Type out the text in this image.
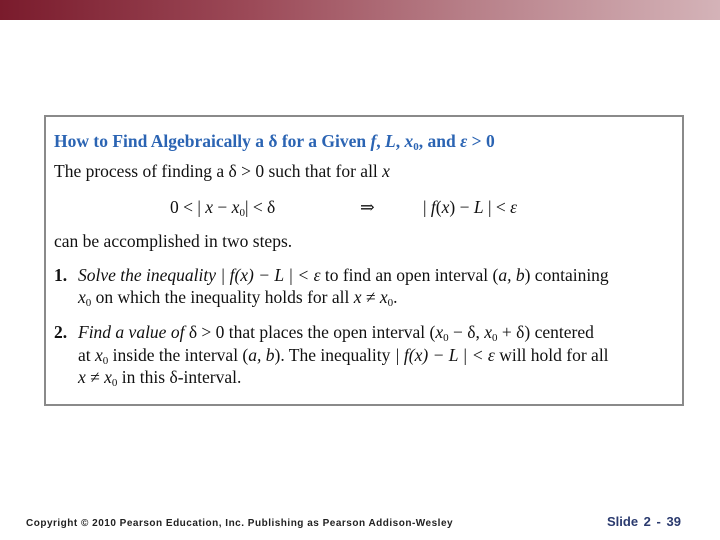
How to Find Algebraically a δ for a Given f, L, $x_0$, and ε > 0
The process of finding a δ > 0 such that for all x
0 < | $x - x_0| < \delta$	⇒	| f(x) − L | < ε
can be accomplished in two steps.
1. Solve the inequality | f(x) − L | < ε to find an open interval (a, b) containing
$x_0$ on which the inequality holds for all $x \ne x_0$.
2. Find a value of δ > 0 that places the open interval ($x_0 - \delta$, $x_0 + \delta$) centered
at $x_0$ inside the interval (a, b). The inequality | f(x) − L | < ε will hold for all
$x \ne x_0$ in this δ-interval.
Copyright © 2010 Pearson Education, Inc. Publishing as Pearson Addison-Wesley	Slide 2 - 39
